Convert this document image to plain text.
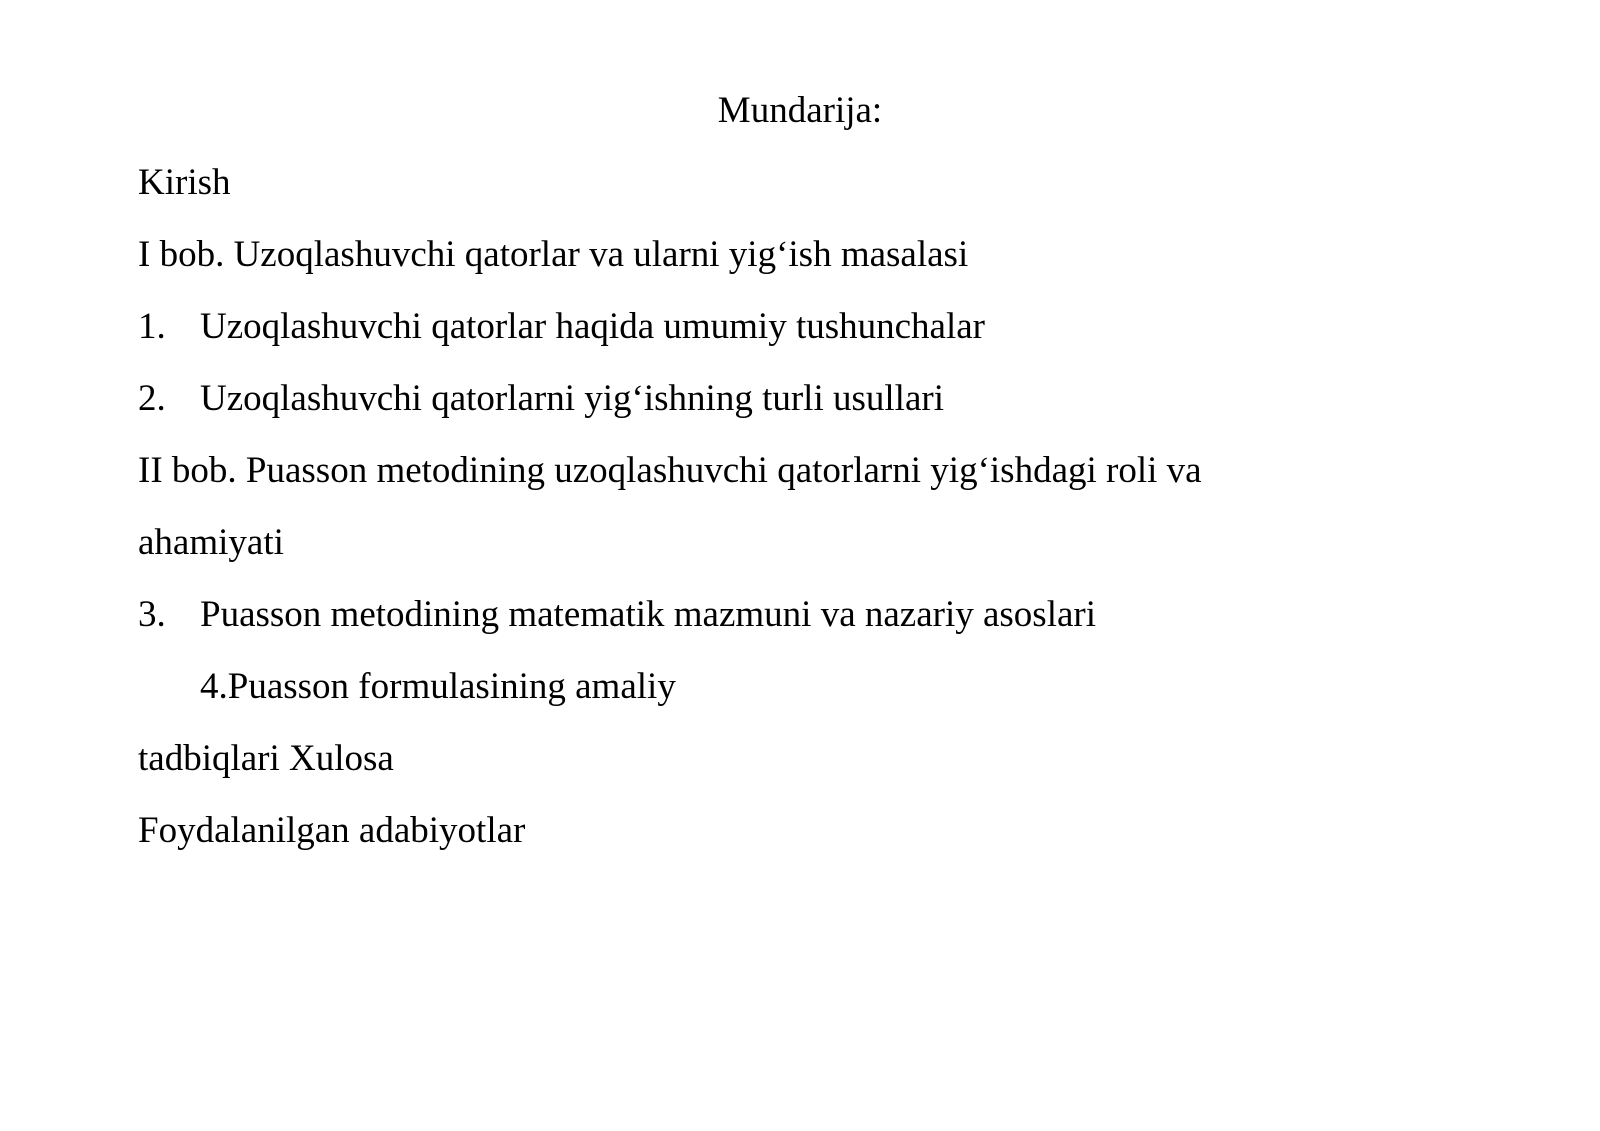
Mundarija:
Kirish
I bob. Uzoqlashuvchi qatorlar va ularni yig‘ish masalasi
1. Uzoqlashuvchi qatorlar haqida umumiy tushunchalar
2. Uzoqlashuvchi qatorlarni yig‘ishning turli usullari
II bob. Puasson metodining uzoqlashuvchi qatorlarni yig‘ishdagi roli va
ahamiyati
3. Puasson metodining matematik mazmuni va nazariy asoslari
4.Puasson formulasining amaliy
tadbiqlari Xulosa
Foydalanilgan adabiyotlar
